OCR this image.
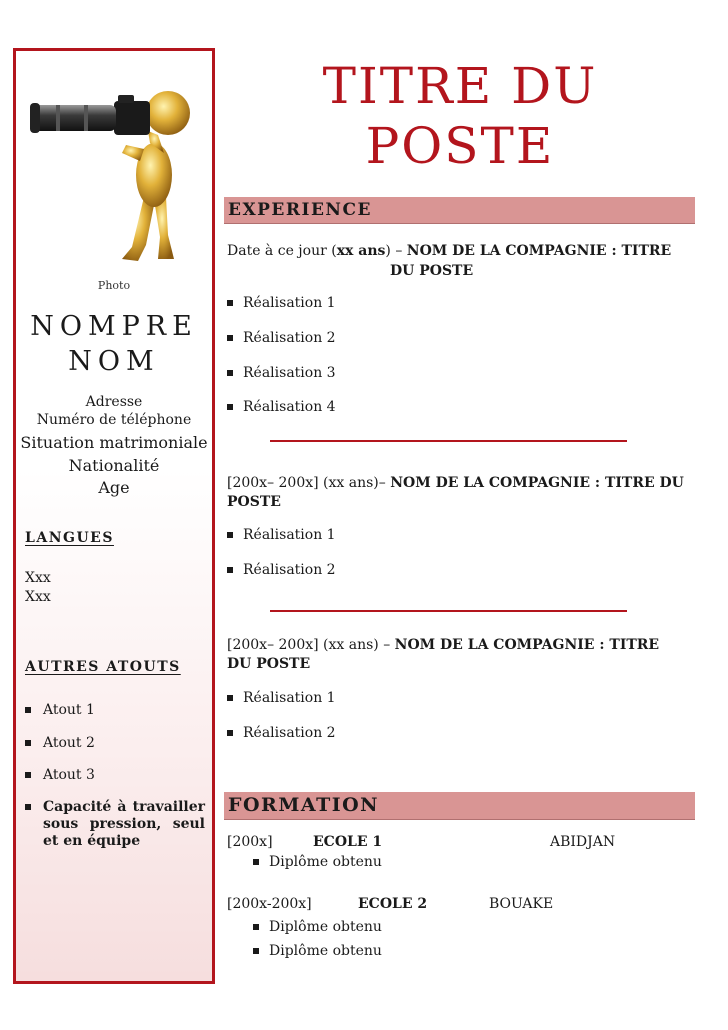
Photo
NOMPRE
NOM
Adresse
Numéro de téléphone
Situation matrimoniale
Nationalité
Age
LANGUES
Xxx
Xxx
AUTRES ATOUTS
Atout 1
Atout 2
Atout 3
Capacité à travailler sous pression, seul et en équipe
TITRE DU
POSTE
EXPERIENCE
Date à ce jour (xx ans) – NOM DE LA COMPAGNIE : TITRE
DU POSTE
Réalisation 1
Réalisation 2
Réalisation 3
Réalisation 4
[200x– 200x] (xx ans)– NOM DE LA COMPAGNIE : TITRE DU
POSTE
Réalisation 1
Réalisation 2
[200x– 200x] (xx ans) – NOM DE LA COMPAGNIE : TITRE
DU POSTE
Réalisation 1
Réalisation 2
FORMATION
[200x]	ECOLE 1	ABIDJAN
Diplôme obtenu
[200x-200x]	ECOLE 2	BOUAKE
Diplôme obtenu
Diplôme obtenu
